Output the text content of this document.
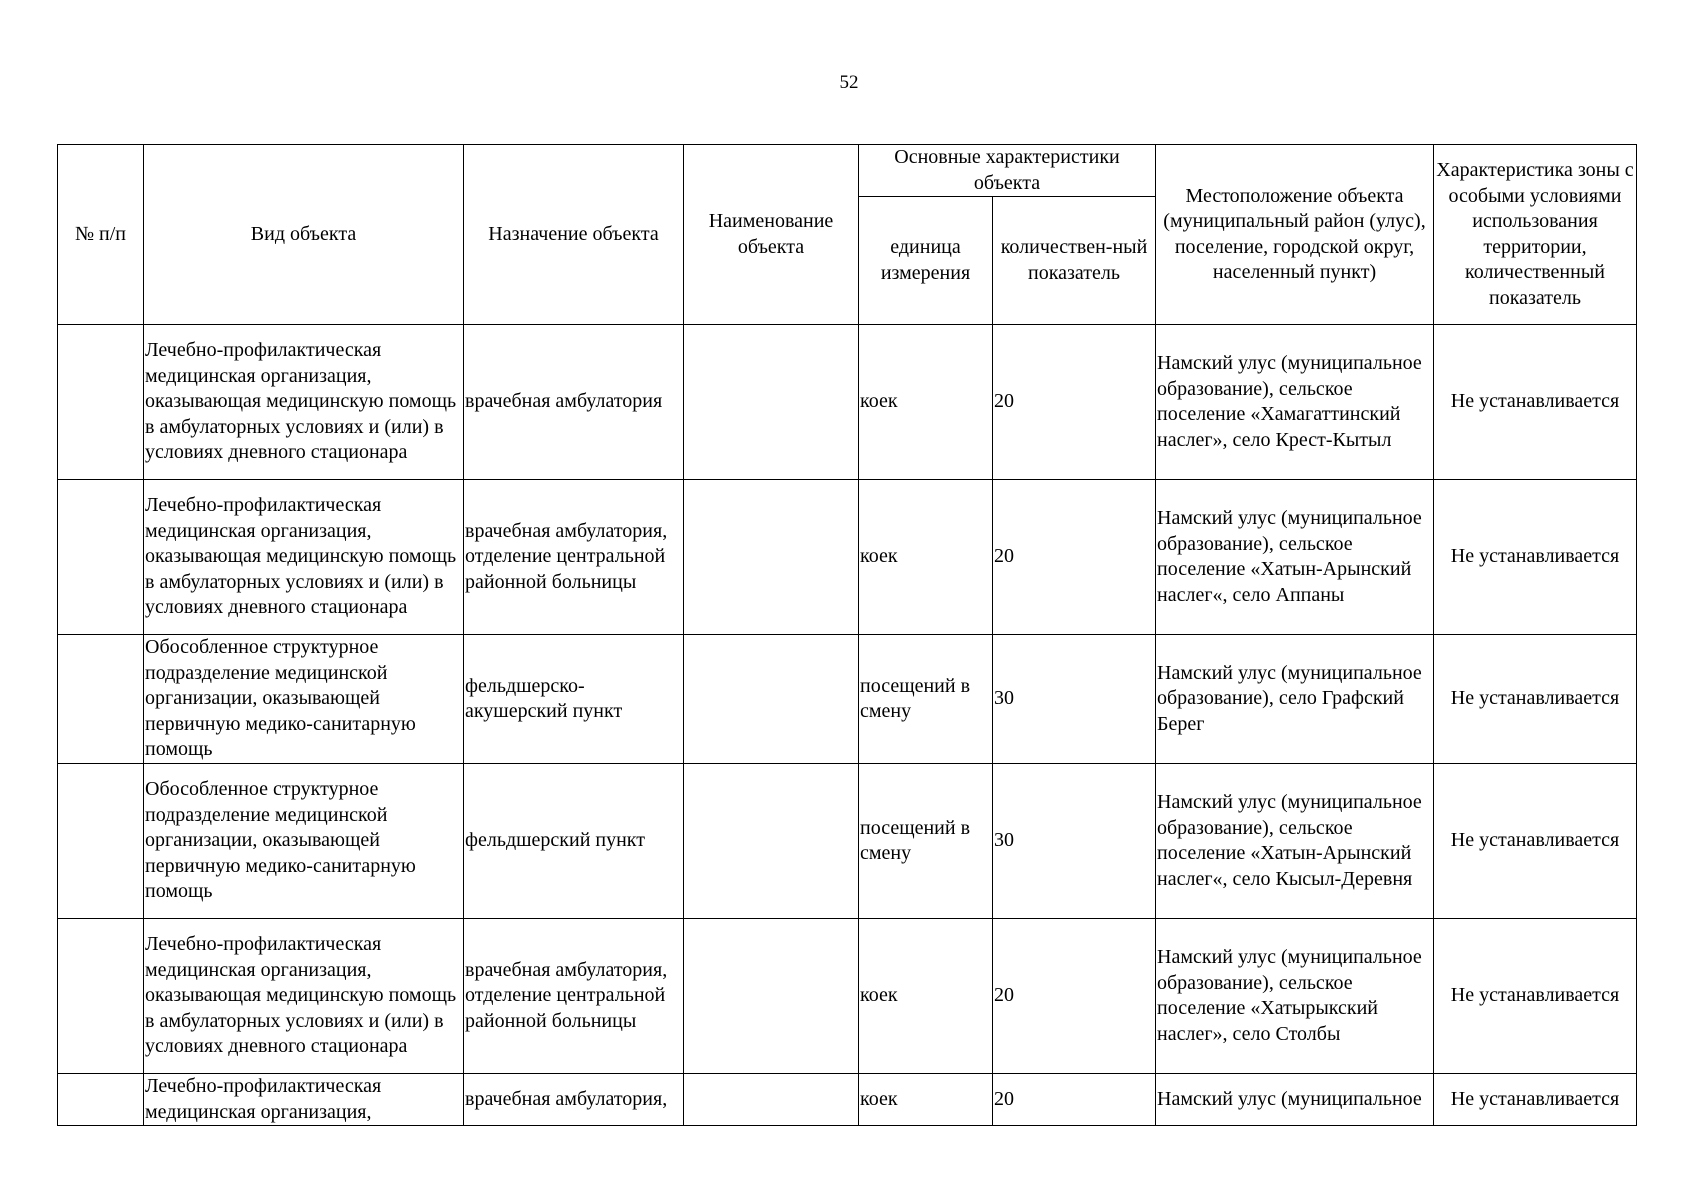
52
№ п/п	Вид объекта	Назначение объекта	Наименование объекта	Основные характеристики объекта		Местоположение объекта (муниципальный район (улус), поселение, городской округ, населенный пункт)	Характеристика зоны с особыми условиями использования территории, количественный показатель
				единица измерения	количествен-ный показатель		
	Лечебно-профилактическая медицинская организация, оказывающая медицинскую помощь в амбулаторных условиях и (или) в условиях дневного стационара	врачебная амбулатория		коек	20	Намский улус (муниципальное образование), сельское поселение «Хамагаттинский наслег», село Крест-Кытыл	Не устанавливается
	Лечебно-профилактическая медицинская организация, оказывающая медицинскую помощь в амбулаторных условиях и (или) в условиях дневного стационара	врачебная амбулатория, отделение центральной районной больницы		коек	20	Намский улус (муниципальное образование), сельское поселение «Хатын-Арынский наслег«, село Аппаны	Не устанавливается
	Обособленное структурное подразделение медицинской организации, оказывающей первичную медико-санитарную помощь	фельдшерско-акушерский пункт		посещений в смену	30	Намский улус (муниципальное образование), село Графский Берег	Не устанавливается
	Обособленное структурное подразделение медицинской организации, оказывающей первичную медико-санитарную помощь	фельдшерский пункт		посещений в смену	30	Намский улус (муниципальное образование), сельское поселение «Хатын-Арынский наслег«, село Кысыл-Деревня	Не устанавливается
	Лечебно-профилактическая медицинская организация, оказывающая медицинскую помощь в амбулаторных условиях и (или) в условиях дневного стационара	врачебная амбулатория, отделение центральной районной больницы		коек	20	Намский улус (муниципальное образование), сельское поселение «Хатырыкский наслег», село Столбы	Не устанавливается
	Лечебно-профилактическая медицинская организация,	врачебная амбулатория,		коек	20	Намский улус (муниципальное	Не устанавливается
